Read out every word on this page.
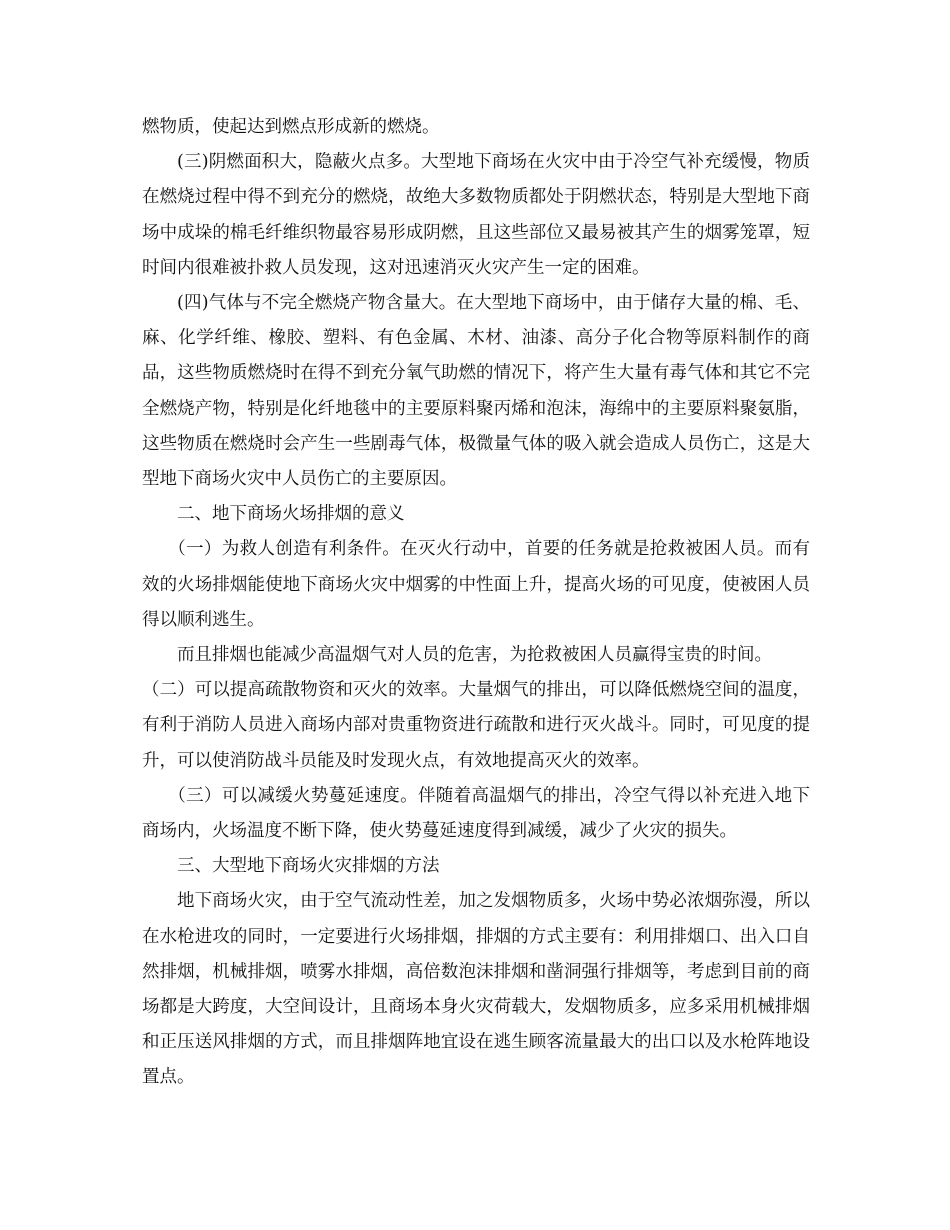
燃物质，使起达到燃点形成新的燃烧。

(三)阴燃面积大，隐蔽火点多。大型地下商场在火灾中由于冷空气补充缓慢，物质在燃烧过程中得不到充分的燃烧，故绝大多数物质都处于阴燃状态，特别是大型地下商场中成垛的棉毛纤维织物最容易形成阴燃，且这些部位又最易被其产生的烟雾笼罩，短时间内很难被扑救人员发现，这对迅速消灭火灾产生一定的困难。

(四)气体与不完全燃烧产物含量大。在大型地下商场中，由于储存大量的棉、毛、麻、化学纤维、橡胶、塑料、有色金属、木材、油漆、高分子化合物等原料制作的商品，这些物质燃烧时在得不到充分氧气助燃的情况下，将产生大量有毒气体和其它不完全燃烧产物，特别是化纤地毯中的主要原料聚丙烯和泡沫，海绵中的主要原料聚氨脂，这些物质在燃烧时会产生一些剧毒气体，极微量气体的吸入就会造成人员伤亡，这是大型地下商场火灾中人员伤亡的主要原因。

二、地下商场火场排烟的意义

（一）为救人创造有利条件。在灭火行动中，首要的任务就是抢救被困人员。而有效的火场排烟能使地下商场火灾中烟雾的中性面上升，提高火场的可见度，使被困人员得以顺利逃生。

而且排烟也能减少高温烟气对人员的危害，为抢救被困人员赢得宝贵的时间。

（二）可以提高疏散物资和灭火的效率。大量烟气的排出，可以降低燃烧空间的温度，有利于消防人员进入商场内部对贵重物资进行疏散和进行灭火战斗。同时，可见度的提升，可以使消防战斗员能及时发现火点，有效地提高灭火的效率。

（三）可以减缓火势蔓延速度。伴随着高温烟气的排出，冷空气得以补充进入地下商场内，火场温度不断下降，使火势蔓延速度得到减缓，减少了火灾的损失。

三、大型地下商场火灾排烟的方法

地下商场火灾，由于空气流动性差，加之发烟物质多，火场中势必浓烟弥漫，所以在水枪进攻的同时，一定要进行火场排烟，排烟的方式主要有：利用排烟口、出入口自然排烟，机械排烟，喷雾水排烟，高倍数泡沫排烟和凿洞强行排烟等，考虑到目前的商场都是大跨度，大空间设计，且商场本身火灾荷载大，发烟物质多，应多采用机械排烟和正压送风排烟的方式，而且排烟阵地宜设在逃生顾客流量最大的出口以及水枪阵地设置点。
